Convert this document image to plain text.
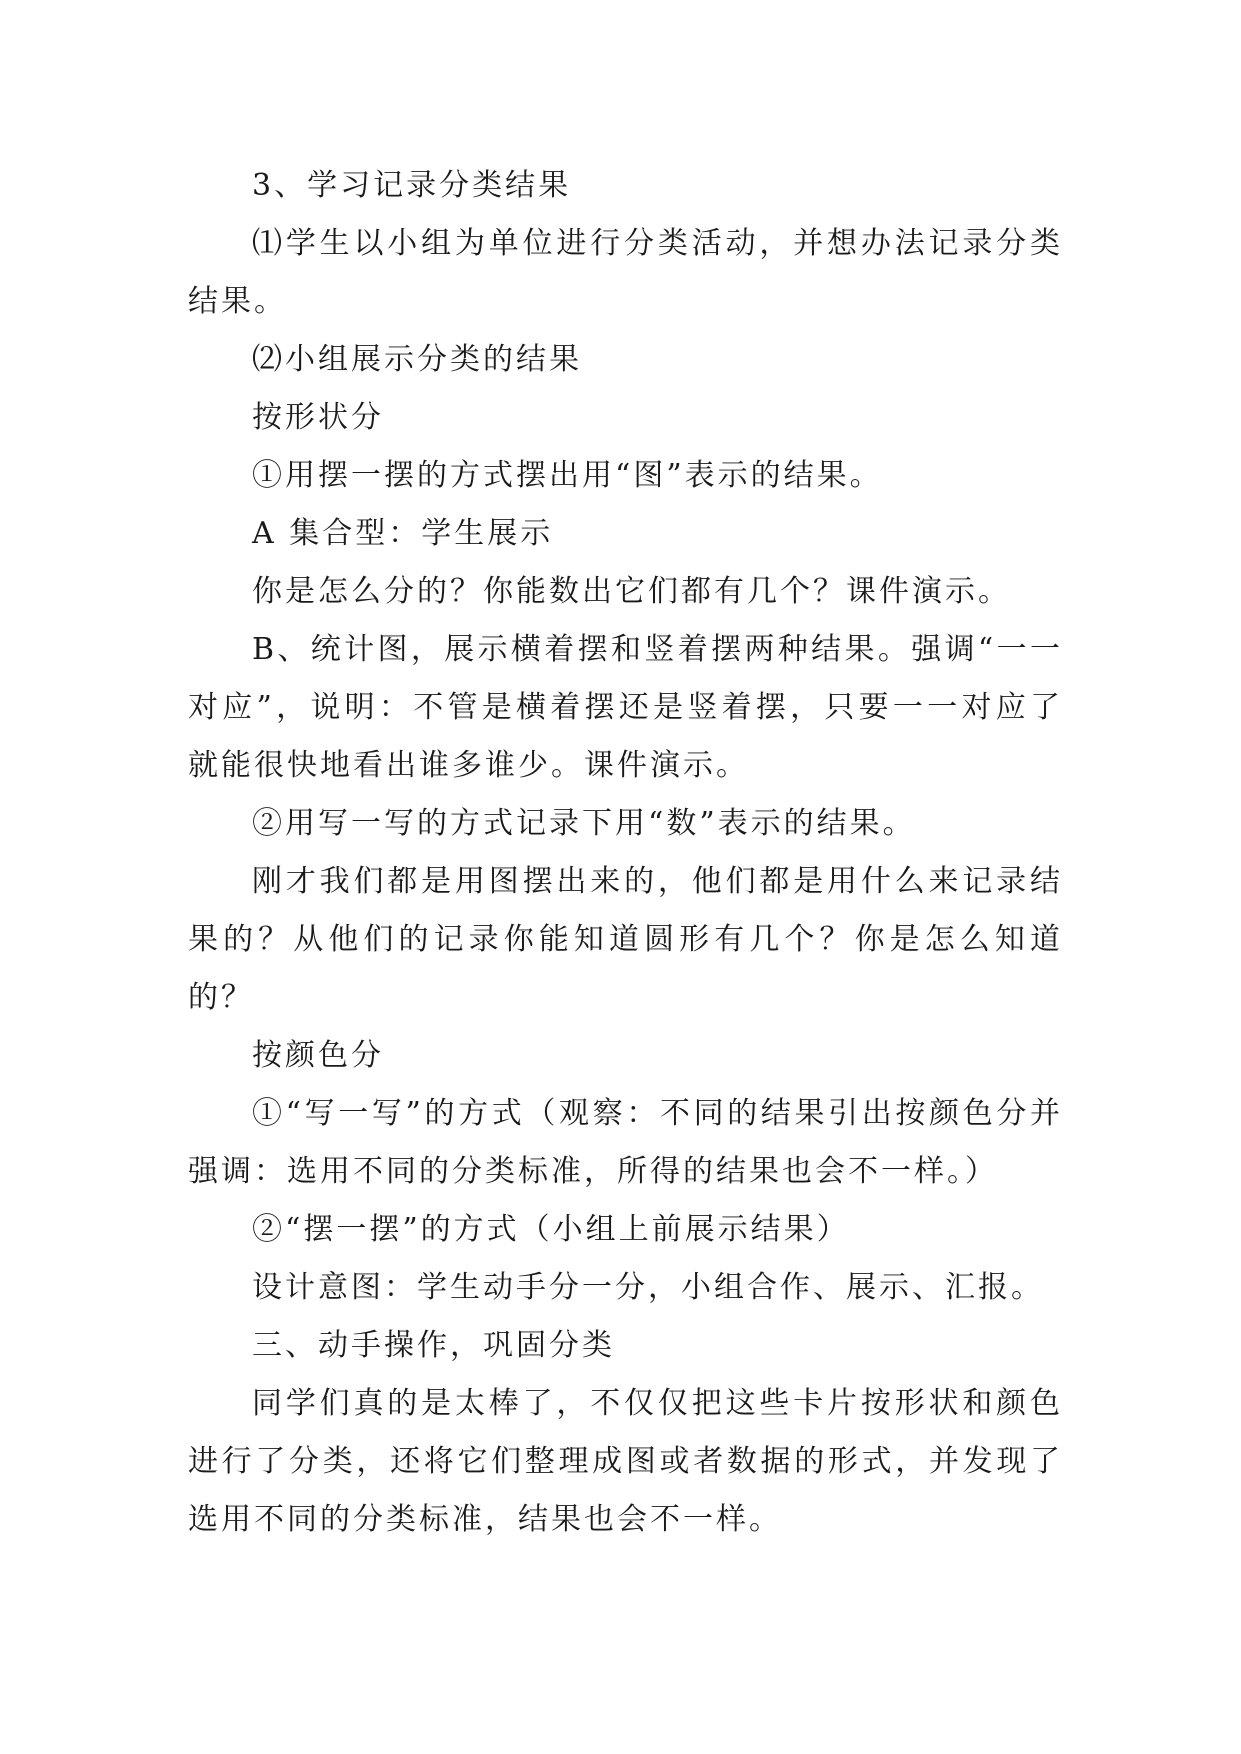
3、学习记录分类结果

⑴学生以小组为单位进行分类活动，并想办法记录分类结果。

⑵小组展示分类的结果

按形状分

①用摆一摆的方式摆出用“图”表示的结果。

A 集合型：学生展示

你是怎么分的？你能数出它们都有几个？课件演示。

B、统计图，展示横着摆和竖着摆两种结果。强调“一一对应”，说明：不管是横着摆还是竖着摆，只要一一对应了就能很快地看出谁多谁少。课件演示。

②用写一写的方式记录下用“数”表示的结果。

刚才我们都是用图摆出来的，他们都是用什么来记录结果的？从他们的记录你能知道圆形有几个？你是怎么知道的？

按颜色分

①“写一写”的方式（观察：不同的结果引出按颜色分并强调：选用不同的分类标准，所得的结果也会不一样。）

②“摆一摆”的方式（小组上前展示结果）

设计意图：学生动手分一分，小组合作、展示、汇报。

三、动手操作，巩固分类

同学们真的是太棒了，不仅仅把这些卡片按形状和颜色进行了分类，还将它们整理成图或者数据的形式，并发现了选用不同的分类标准，结果也会不一样。
